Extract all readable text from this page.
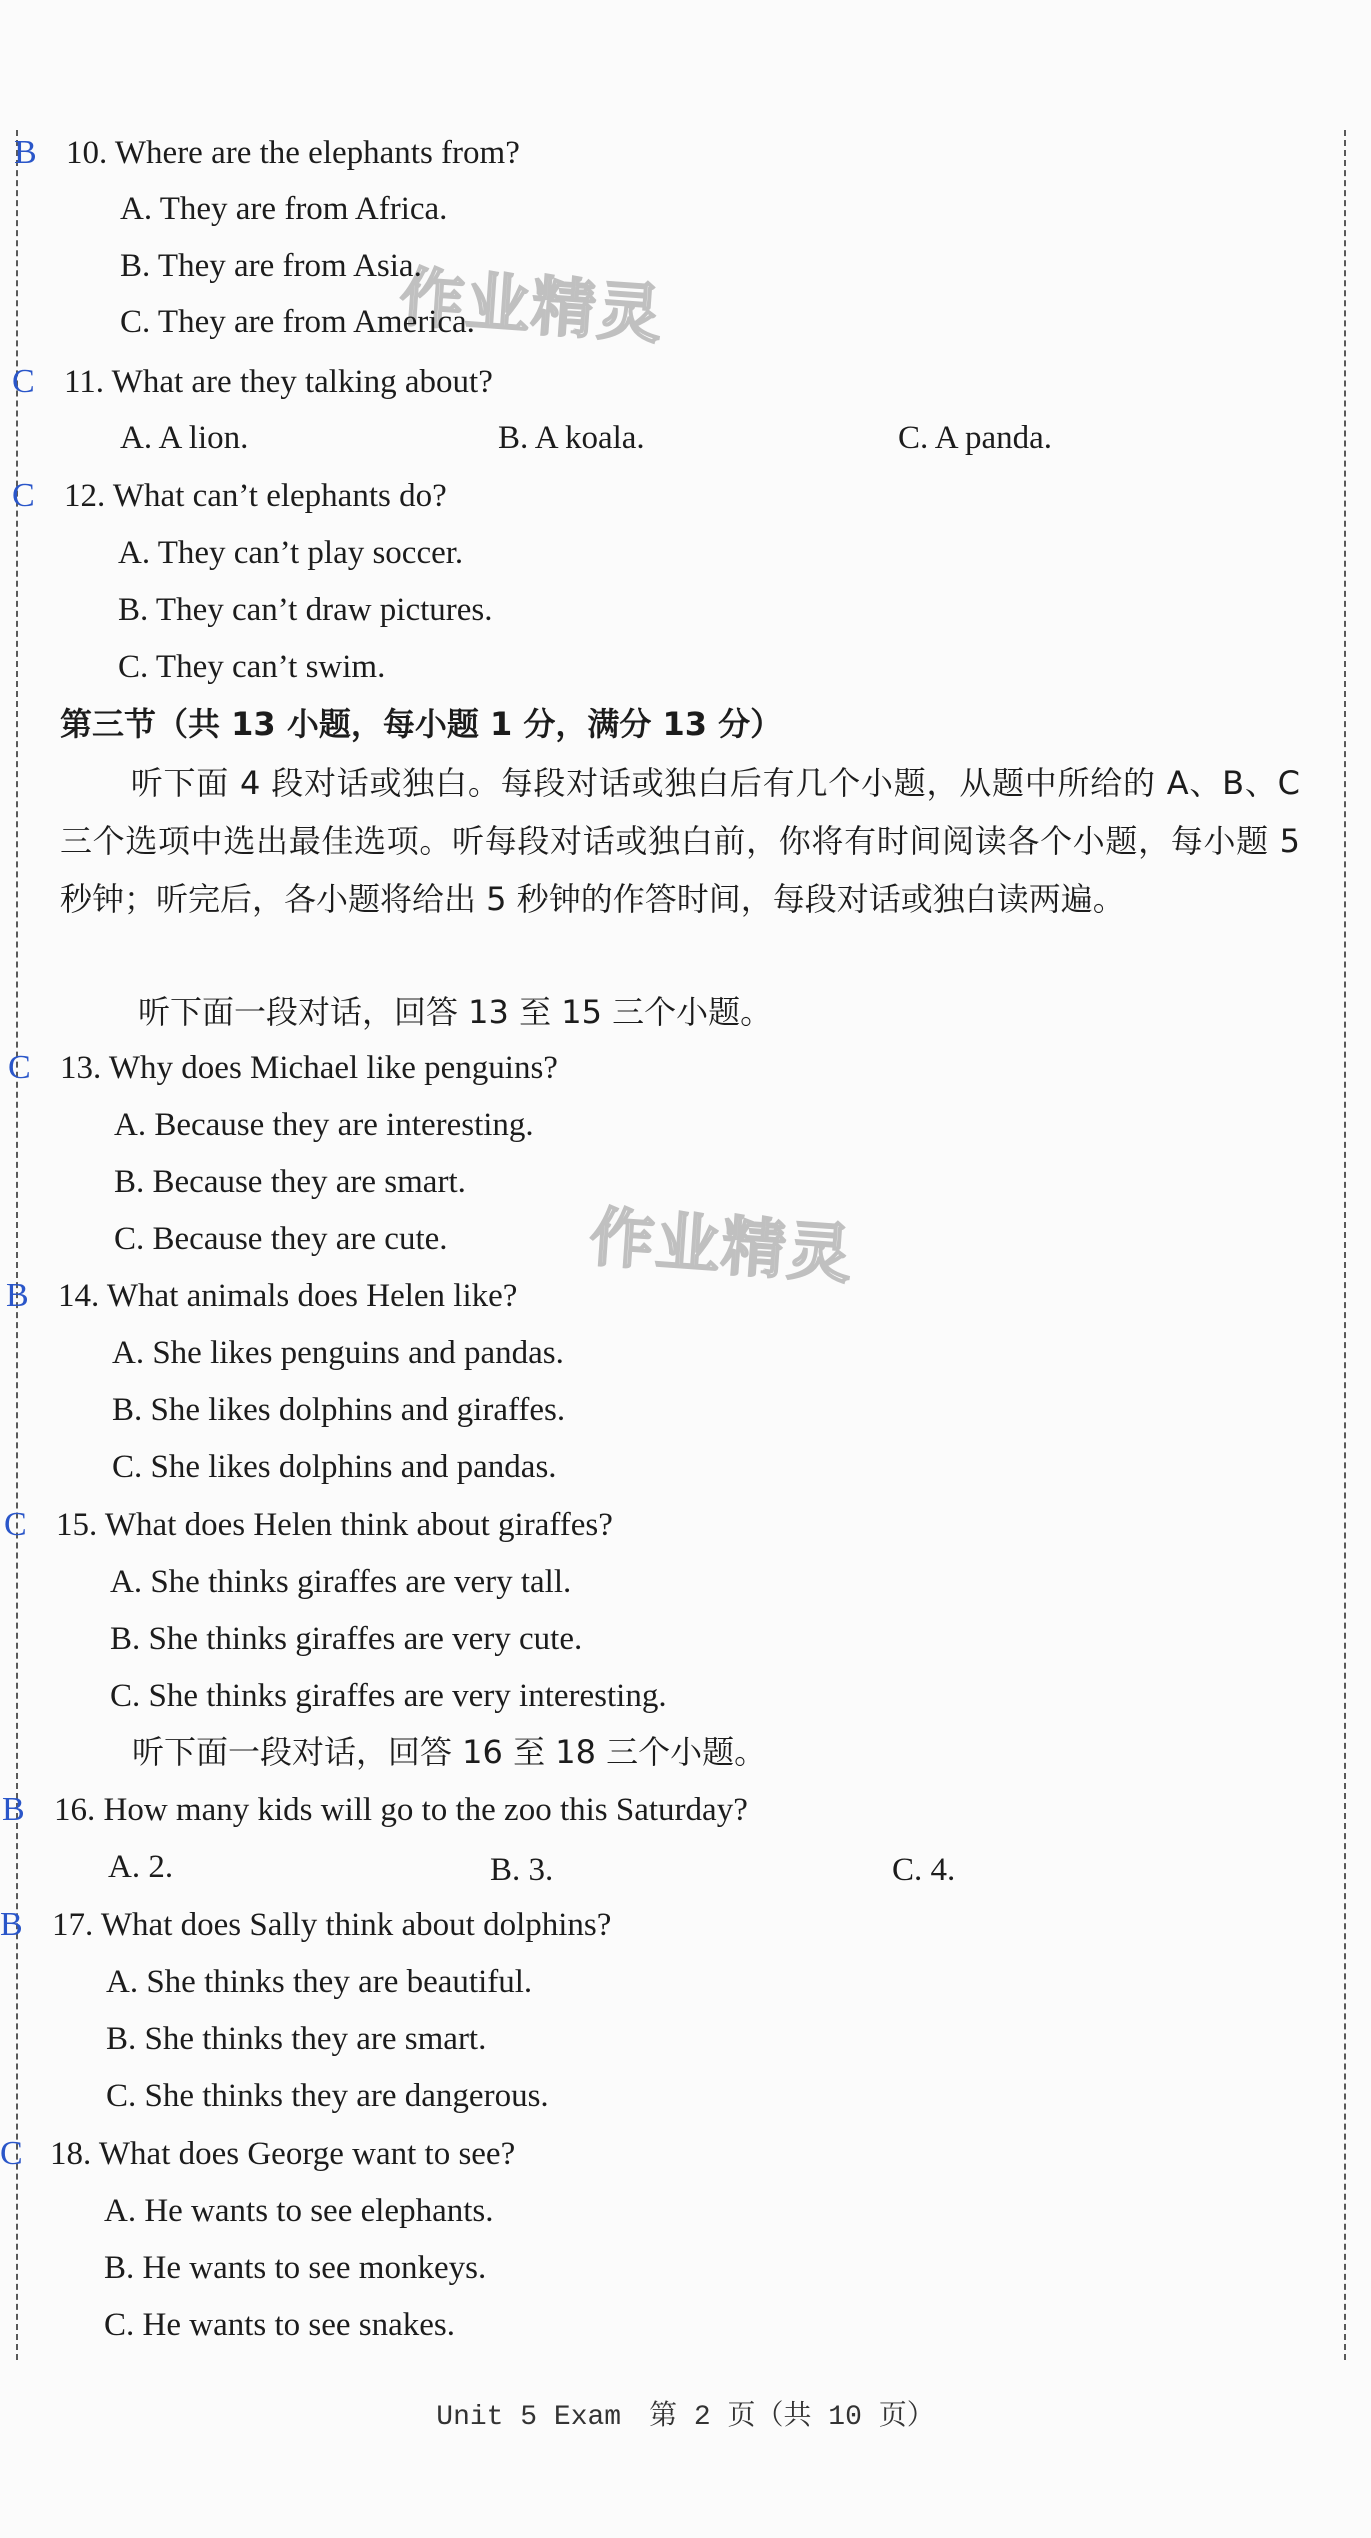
作业精灵
作业精灵
B 10. Where are the elephants from?
A. They are from Africa.
B. They are from Asia.
C. They are from America.
C 11. What are they talking about?
A. A lion.	B. A koala.	C. A panda.
C 12. What can’t elephants do?
A. They can’t play soccer.
B. They can’t draw pictures.
C. They can’t swim.
第三节（共 13 小题，每小题 1 分，满分 13 分）
听下面 4 段对话或独白。每段对话或独白后有几个小题，从题中所给的 A、B、C 三个选项中选出最佳选项。听每段对话或独白前，你将有时间阅读各个小题，每小题 5 秒钟；听完后，各小题将给出 5 秒钟的作答时间，每段对话或独白读两遍。
听下面一段对话，回答 13 至 15 三个小题。
C 13. Why does Michael like penguins?
A. Because they are interesting.
B. Because they are smart.
C. Because they are cute.
B 14. What animals does Helen like?
A. She likes penguins and pandas.
B. She likes dolphins and giraffes.
C. She likes dolphins and pandas.
C 15. What does Helen think about giraffes?
A. She thinks giraffes are very tall.
B. She thinks giraffes are very cute.
C. She thinks giraffes are very interesting.
听下面一段对话，回答 16 至 18 三个小题。
B 16. How many kids will go to the zoo this Saturday?
A. 2.	B. 3.	C. 4.
B 17. What does Sally think about dolphins?
A. She thinks they are beautiful.
B. She thinks they are smart.
C. She thinks they are dangerous.
C 18. What does George want to see?
A. He wants to see elephants.
B. He wants to see monkeys.
C. He wants to see snakes.
Unit 5 Exam　第 2 页（共 10 页）
